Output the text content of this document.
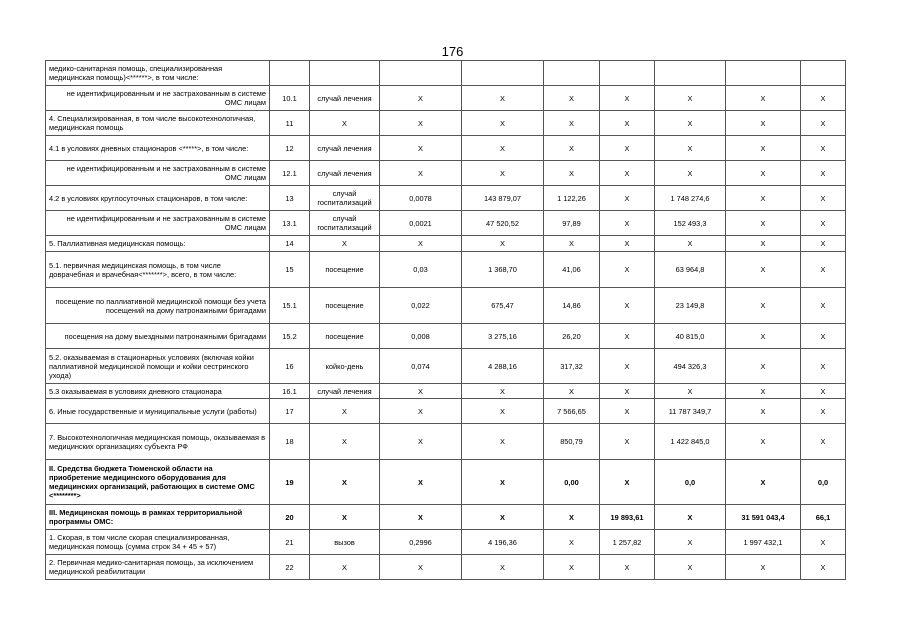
176
медико-санитарная помощь, специализированная медицинская помощь)<******>, в том числе:									
не идентифицированным и не застрахованным в системе ОМС лицам	10.1	случай лечения	Х	Х	Х	Х	Х	Х	Х
4. Специализированная, в том числе высокотехнологичная, медицинская помощь	11	Х	Х	Х	Х	Х	Х	Х	Х
4.1 в условиях дневных стационаров <*****>, в том числе:	12	случай лечения	Х	Х	Х	Х	Х	Х	Х
не идентифицированным и не застрахованным в системе ОМС лицам	12.1	случай лечения	Х	Х	Х	Х	Х	Х	Х
4.2 в условиях круглосуточных стационаров, в том числе:	13	случай госпитализаций	0,0078	143 879,07	1 122,26	Х	1 748 274,6	Х	Х
не идентифицированным и не застрахованным в системе ОМС лицам	13.1	случай госпитализаций	0,0021	47 520,52	97,89	Х	152 493,3	Х	Х
5. Паллиативная медицинская помощь:	14	Х	Х	Х	Х	Х	Х	Х	Х
5.1. первичная медицинская помощь, в том числе доврачебная и врачебная<*******>, всего, в том числе:	15	посещение	0,03	1 368,70	41,06	Х	63 964,8	Х	Х
посещение по паллиативной медицинской помощи без учета посещений на дому патронажными бригадами	15.1	посещение	0,022	675,47	14,86	Х	23 149,8	Х	Х
посещения на дому выездными патронажными бригадами	15.2	посещение	0,008	3 275,16	26,20	Х	40 815,0	Х	Х
5.2. оказываемая в стационарных условиях (включая койки паллиативной медицинской помощи и койки сестринского ухода)	16	койко-день	0,074	4 288,16	317,32	Х	494 326,3	Х	Х
5.3 оказываемая в условиях дневного стационара	16.1	случай лечения	Х	Х	Х	Х	Х	Х	Х
6. Иные государственные и муниципальные услуги (работы)	17	Х	Х	Х	7 566,65	Х	11 787 349,7	Х	Х
7. Высокотехнологичная медицинская помощь, оказываемая в медицинских организациях субъекта РФ	18	Х	Х	Х	850,79	Х	1 422 845,0	Х	Х
II. Средства бюджета Тюменской области на приобретение медицинского оборудования для медицинских организаций, работающих в системе ОМС <********>	19	Х	Х	Х	0,00	Х	0,0	Х	0,0
III. Медицинская помощь в рамках территориальной программы ОМС:	20	Х	Х	Х	Х	19 893,61	Х	31 591 043,4	66,1
1. Скорая, в том числе скорая специализированная, медицинская помощь (сумма строк 34 + 45 + 57)	21	вызов	0,2996	4 196,36	Х	1 257,82	Х	1 997 432,1	Х
2. Первичная медико-санитарная помощь, за исключением медицинской реабилитации	22	Х	Х	Х	Х	Х	Х	Х	Х
